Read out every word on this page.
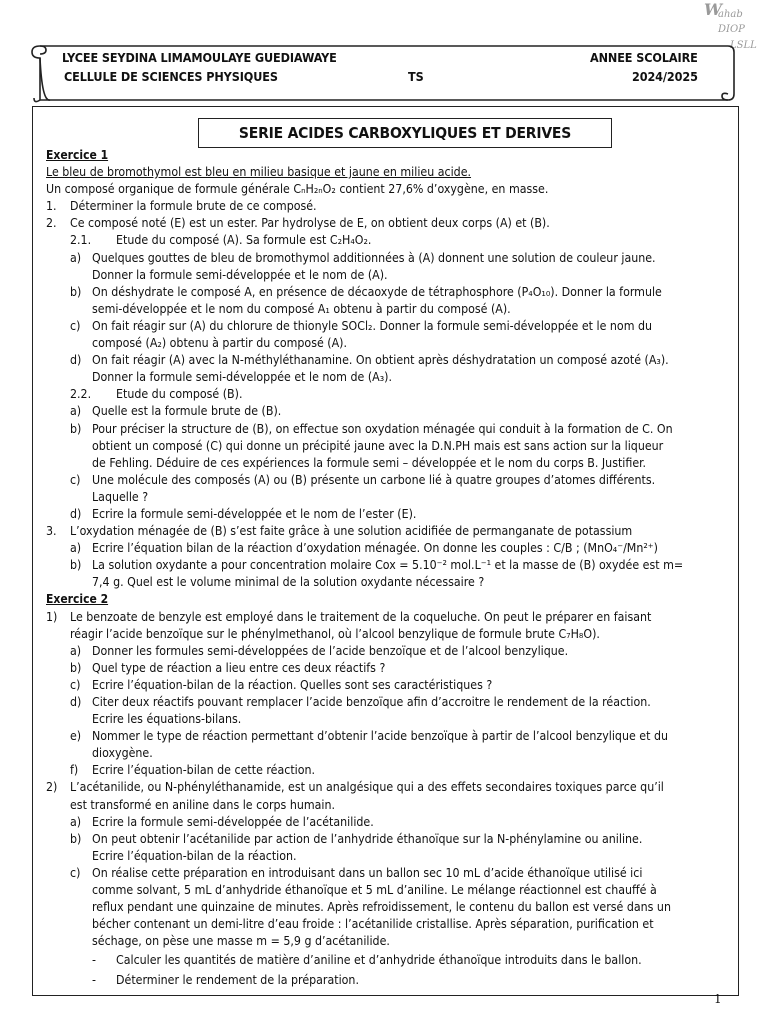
W
ahab
DIOP
LSLL
LYCEE SEYDINA LIMAMOULAYE GUEDIAWAYE
CELLULE DE SCIENCES PHYSIQUES	TS
ANNEE SCOLAIRE
2024/2025
SERIE ACIDES CARBOXYLIQUES ET DERIVES

Exercice 1

Le bleu de bromothymol est bleu en milieu basique et jaune en milieu acide.

Un composé organique de formule générale CₙH₂ₙO₂ contient 27,6% d’oxygène, en masse.

1.	Déterminer la formule brute de ce composé.
2.	Ce composé noté (E) est un ester. Par hydrolyse de E, on obtient deux corps (A) et (B).
2.1.	Etude du composé (A). Sa formule est C₂H₄O₂.
a) Quelques gouttes de bleu de bromothymol additionnées à (A) donnent une solution de couleur jaune.
Donner la formule semi-développée et le nom de (A).
b) On déshydrate le composé A, en présence de décaoxyde de tétraphosphore (P₄O₁₀). Donner la formule
semi-développée et le nom du composé A₁ obtenu à partir du composé (A).
c) On fait réagir sur (A) du chlorure de thionyle SOCl₂. Donner la formule semi-développée et le nom du
composé (A₂) obtenu à partir du composé (A).
d) On fait réagir (A) avec la N-méthyléthanamine. On obtient après déshydratation un composé azoté (A₃).
Donner la formule semi-développée et le nom de (A₃).
2.2.	Etude du composé (B).
a) Quelle est la formule brute de (B).
b) Pour préciser la structure de (B), on effectue son oxydation ménagée qui conduit à la formation de C. On
obtient un composé (C) qui donne un précipité jaune avec la D.N.PH mais est sans action sur la liqueur
de Fehling. Déduire de ces expériences la formule semi – développée et le nom du corps B. Justifier.
c) Une molécule des composés (A) ou (B) présente un carbone lié à quatre groupes d’atomes différents.
Laquelle ?
d) Ecrire la formule semi-développée et le nom de l’ester (E).
3.	L’oxydation ménagée de (B) s’est faite grâce à une solution acidifiée de permanganate de potassium
a) Ecrire l’équation bilan de la réaction d’oxydation ménagée. On donne les couples : C/B ; (MnO₄⁻/Mn²⁺)
b) La solution oxydante a pour concentration molaire Cox = 5.10⁻² mol.L⁻¹ et la masse de (B) oxydée est m=
7,4 g. Quel est le volume minimal de la solution oxydante nécessaire ?

Exercice 2

1)	Le benzoate de benzyle est employé dans le traitement de la coqueluche. On peut le préparer en faisant
réagir l’acide benzoïque sur le phénylmethanol, où l’alcool benzylique de formule brute C₇H₈O).
a) Donner les formules semi-développées de l’acide benzoïque et de l’alcool benzylique.
b) Quel type de réaction a lieu entre ces deux réactifs ?
c) Ecrire l’équation-bilan de la réaction. Quelles sont ses caractéristiques ?
d) Citer deux réactifs pouvant remplacer l’acide benzoïque afin d’accroitre le rendement de la réaction.
Ecrire les équations-bilans.
e) Nommer le type de réaction permettant d’obtenir l’acide benzoïque à partir de l’alcool benzylique et du
dioxygène.
f)	Ecrire l’équation-bilan de cette réaction.
2)	L’acétanilide, ou N-phényléthanamide, est un analgésique qui a des effets secondaires toxiques parce qu’il
est transformé en aniline dans le corps humain.
a) Ecrire la formule semi-développée de l’acétanilide.
b) On peut obtenir l’acétanilide par action de l’anhydride éthanoïque sur la N-phénylamine ou aniline.
Ecrire l’équation-bilan de la réaction.
c) On réalise cette préparation en introduisant dans un ballon sec 10 mL d’acide éthanoïque utilisé ici
comme solvant, 5 mL d’anhydride éthanoïque et 5 mL d’aniline. Le mélange réactionnel est chauffé à
reflux pendant une quinzaine de minutes. Après refroidissement, le contenu du ballon est versé dans un
bécher contenant un demi-litre d’eau froide : l’acétanilide cristallise. Après séparation, purification et
séchage, on pèse une masse m = 5,9 g d’acétanilide.
-	Calculer les quantités de matière d’aniline et d’anhydride éthanoïque introduits dans le ballon.
-	Déterminer le rendement de la préparation.
1
